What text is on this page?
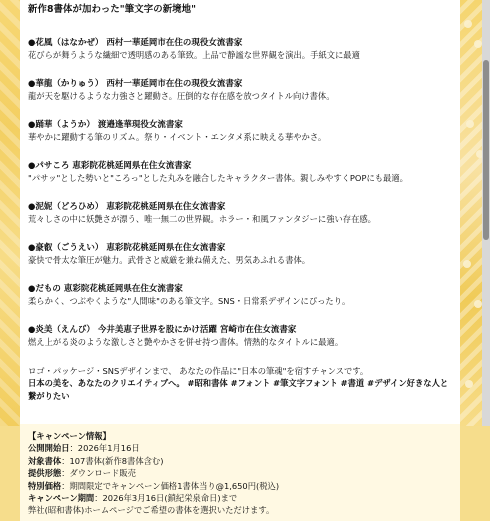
新作8書体が加わった"筆文字の新境地"
●花風（はなかぜ） 西村一華延岡市在住の現役女流書家
花びらが舞うような繊細で透明感のある筆致。上品で静謐な世界観を演出。手紙文に最適
●華龍（かりゅう） 西村一華延岡市在住の現役女流書家
龍が天を駆けるような力強さと躍動さ。圧倒的な存在感を放つタイトル向け書体。
●踊華（ようか） 渡邉逢華現役女流書家
華やかに躍動する筆のリズム。祭り・イベント・エンタメ系に映える華やかさ。
●パサころ 恵彩院花桃延岡県在住女流書家
"パサッ"とした勢いと"ころっ"とした丸みを融合したキャラクター書体。親しみやすくPOPにも最適。
●泥妮（どろひめ） 恵彩院花桃延岡県在住女流書家
荒々しさの中に妖艶さが漂う、唯一無二の世界観。ホラー・和風ファンタジーに強い存在感。
●豪叡（ごうえい） 恵彩院花桃延岡県在住女流書家
豪快で骨太な筆圧が魅力。武骨さと威厳を兼ね備えた、男気あふれる書体。
●だもの 恵彩院花桃延岡県在住女流書家
柔らかく、つぶやくような"人間味"のある筆文字。SNS・日常系デザインにぴったり。
●炎美（えんび） 今井美恵子世界を股にかけ活躍 宮崎市在住女流書家
燃え上がる炎のような激しさと艶やかさを併せ持つ書体。情熱的なタイトルに最適。
ロゴ・パッケージ・SNSデザインまで、 あなたの作品に"日本の筆魂"を宿すチャンスです。
日本の美を、あなたのクリエイティブへ。 #昭和書体 #フォント #筆文字フォント #書道 #デザイン好きな人と繋がりたい
【キャンペーン情報】
公開開始日：2026年1月16日
対象書体：107書体(新作8書体含む)
提供形態：ダウンロード販売
特別価格：期間限定でキャンペーン価格1書体当り@1,650円(税込)
キャンペーン期間：2026年3月16日(鎖紀栄泉命日)まで
弊社(昭和書体)ホームページでご希望の書体を選択いただけます。
